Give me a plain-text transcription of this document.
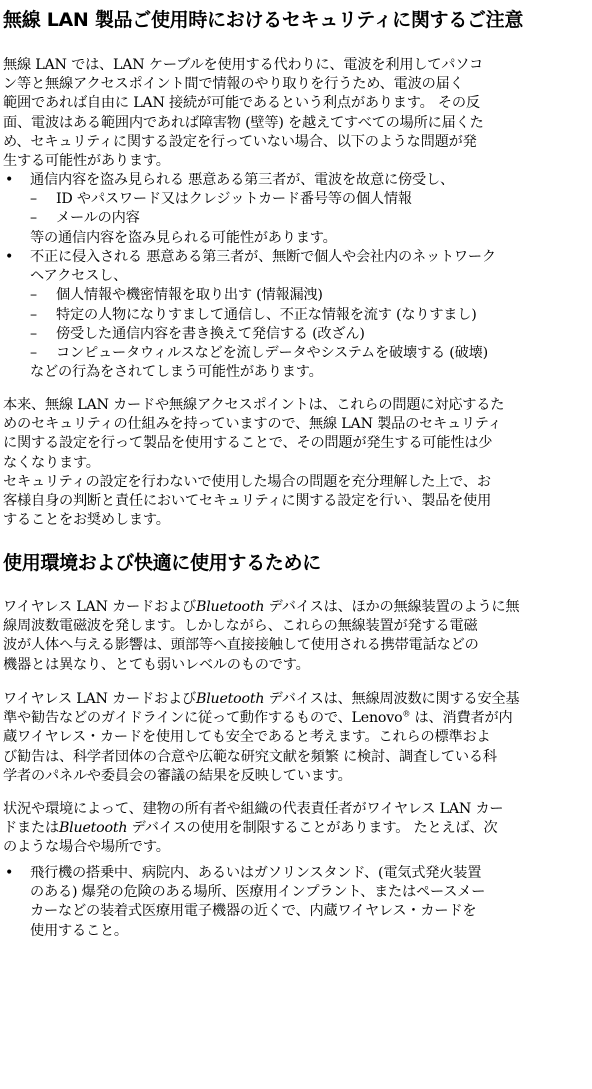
無線 LAN 製品ご使用時におけるセキュリティに関するご注意
無線 LAN では、LAN ケーブルを使用する代わりに、電波を利用してパソコ
ン等と無線アクセスポイント間で情報のやり取りを行うため、電波の届く
範囲であれば自由に LAN 接続が可能であるという利点があります。 その反
面、電波はある範囲内であれば障害物 (壁等) を越えてすべての場所に届くた
め、セキュリティに関する設定を行っていない場合、以下のような問題が発
生する可能性があります。
• 通信内容を盗み見られる 悪意ある第三者が、電波を故意に傍受し、
– ID やパスワード又はクレジットカード番号等の個人情報
– メールの内容
等の通信内容を盗み見られる可能性があります。
• 不正に侵入される 悪意ある第三者が、無断で個人や会社内のネットワーク
ヘアクセスし、
– 個人情報や機密情報を取り出す (情報漏洩)
– 特定の人物になりすまして通信し、不正な情報を流す (なりすまし)
– 傍受した通信内容を書き換えて発信する (改ざん)
– コンピュータウィルスなどを流しデータやシステムを破壊する (破壊)
などの行為をされてしまう可能性があります。
本来、無線 LAN カードや無線アクセスポイントは、これらの問題に対応するた
めのセキュリティの仕組みを持っていますので、無線 LAN 製品のセキュリティ
に関する設定を行って製品を使用することで、その問題が発生する可能性は少
なくなります。
セキュリティの設定を行わないで使用した場合の問題を充分理解した上で、お
客様自身の判断と責任においてセキュリティに関する設定を行い、製品を使用
することをお奨めします。
使用環境および快適に使用するために
ワイヤレス LAN カードおよびBluetooth デバイスは、ほかの無線装置のように無
線周波数電磁波を発します。しかしながら、これらの無線装置が発する電磁
波が人体へ与える影響は、頭部等へ直接接触して使用される携帯電話などの
機器とは異なり、とても弱いレベルのものです。
ワイヤレス LAN カードおよびBluetooth デバイスは、無線周波数に関する安全基
準や勧告などのガイドラインに従って動作するもので、Lenovo® は、消費者が内
蔵ワイヤレス・カードを使用しても安全であると考えます。これらの標準およ
び勧告は、科学者団体の合意や広範な研究文献を頻繁 に検討、調査している科
学者のパネルや委員会の審議の結果を反映しています。
状況や環境によって、建物の所有者や組織の代表責任者がワイヤレス LAN カー
ドまたはBluetooth デバイスの使用を制限することがあります。 たとえば、次
のような場合や場所です。
• 飛行機の搭乗中、病院内、あるいはガソリンスタンド、(電気式発火装置
のある) 爆発の危険のある場所、医療用インプラント、またはペースメー
カーなどの装着式医療用電子機器の近くで、内蔵ワイヤレス・カードを
使用すること。
